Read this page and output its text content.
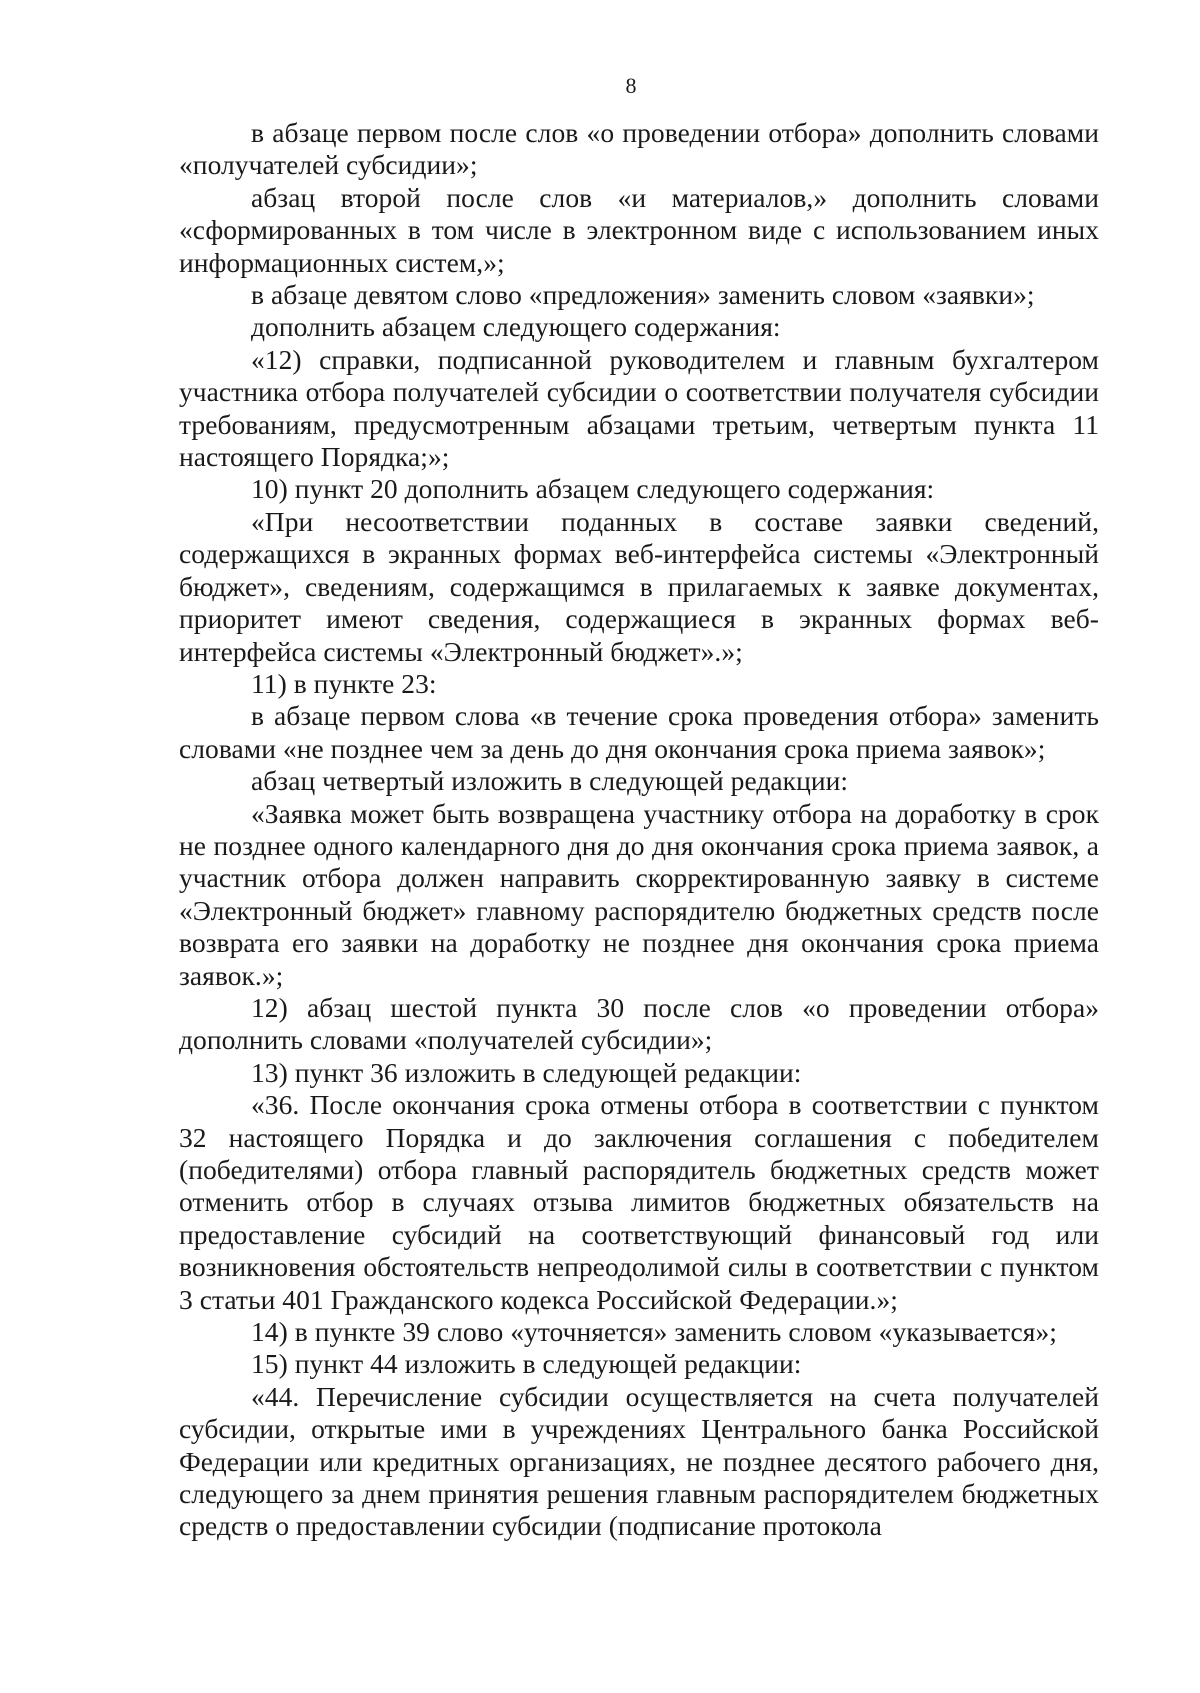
8

в абзаце первом после слов «о проведении отбора» дополнить словами «получателей субсидии»;

абзац второй после слов «и материалов,» дополнить словами «сформированных в том числе в электронном виде с использованием иных информационных систем,»;

в абзаце девятом слово «предложения» заменить словом «заявки»;

дополнить абзацем следующего содержания:

«12) справки, подписанной руководителем и главным бухгалтером участника отбора получателей субсидии о соответствии получателя субсидии требованиям, предусмотренным абзацами третьим, четвертым пункта 11 настоящего Порядка;»;

10) пункт 20 дополнить абзацем следующего содержания:

«При несоответствии поданных в составе заявки сведений, содержащихся в экранных формах веб-интерфейса системы «Электронный бюджет», сведениям, содержащимся в прилагаемых к заявке документах, приоритет имеют сведения, содержащиеся в экранных формах веб-интерфейса системы «Электронный бюджет».»;

11) в пункте 23:

в абзаце первом слова «в течение срока проведения отбора» заменить словами «не позднее чем за день до дня окончания срока приема заявок»;

абзац четвертый изложить в следующей редакции:

«Заявка может быть возвращена участнику отбора на доработку в срок не позднее одного календарного дня до дня окончания срока приема заявок, а участник отбора должен направить скорректированную заявку в системе «Электронный бюджет» главному распорядителю бюджетных средств после возврата его заявки на доработку не позднее дня окончания срока приема заявок.»;

12) абзац шестой пункта 30 после слов «о проведении отбора» дополнить словами «получателей субсидии»;

13) пункт 36 изложить в следующей редакции:

«36. После окончания срока отмены отбора в соответствии с пунктом 32 настоящего Порядка и до заключения соглашения с победителем (победителями) отбора главный распорядитель бюджетных средств может отменить отбор в случаях отзыва лимитов бюджетных обязательств на предоставление субсидий на соответствующий финансовый год или возникновения обстоятельств непреодолимой силы в соответствии с пунктом 3 статьи 401 Гражданского кодекса Российской Федерации.»;

14) в пункте 39 слово «уточняется» заменить словом «указывается»;

15) пункт 44 изложить в следующей редакции:

«44. Перечисление субсидии осуществляется на счета получателей субсидии, открытые ими в учреждениях Центрального банка Российской Федерации или кредитных организациях, не позднее десятого рабочего дня, следующего за днем принятия решения главным распорядителем бюджетных средств о предоставлении субсидии (подписание протокола
